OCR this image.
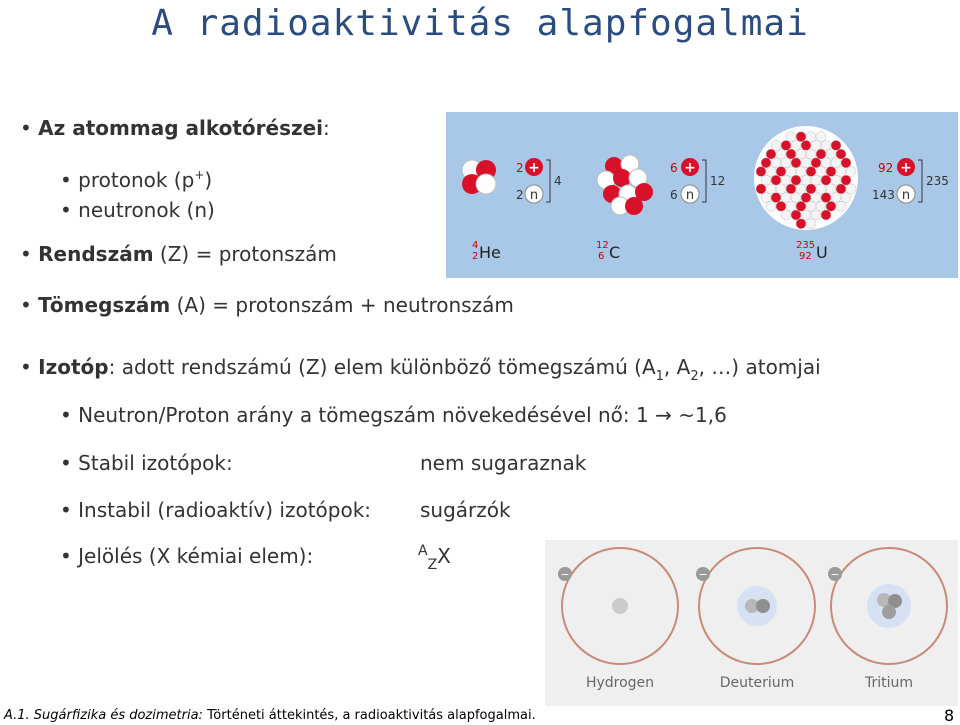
A radioaktivitás alapfogalmai
• Az atommag alkotórészei:
• protonok (p+)
• neutronok (n)
• Rendszám (Z) = protonszám
• Tömegszám (A) = protonszám + neutronszám
• Izotóp: adott rendszámú (Z) elem különböző tömegszámú ($A_1$, $A_2$, …) atomjai
• Neutron/Proton arány a tömegszám növekedésével nő: 1 → ~1,6
• Stabil izotópok:	nem sugaraznak
• Instabil (radioaktív) izotópok: sugárzók
• Jelölés (X kémiai elem):	$^A_Z$X
+
n
2
2
4
4
2 He
+
n
6
6
12
12
6 C
+
n
92
143
235
235
92 U
−
Hydrogen
−
Deuterium
−
Tritium
A.1. Sugárfizika és dozimetria: Történeti áttekintés, a radioaktivitás alapfogalmai.	8
